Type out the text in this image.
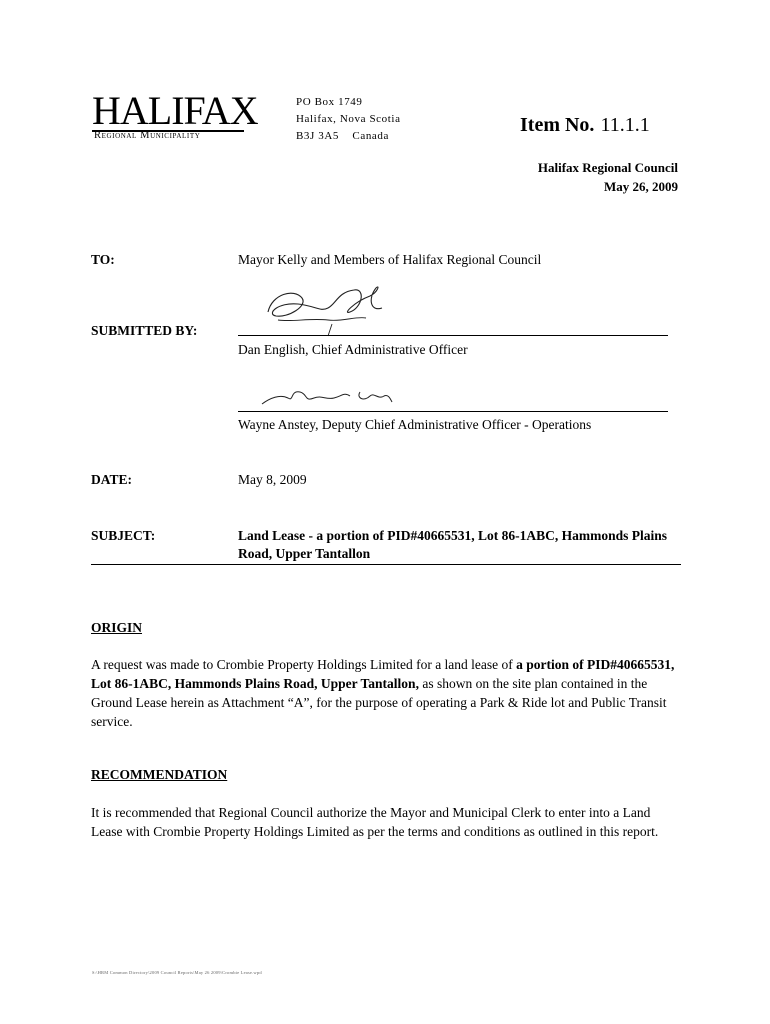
HALIFAX
Regional Municipality
PO Box 1749
Halifax, Nova Scotia
B3J 3A5    Canada	Item No. 11.1.1
Halifax Regional Council
May 26, 2009
TO:	Mayor Kelly and Members of Halifax Regional Council
SUBMITTED BY:
Dan English, Chief Administrative Officer
Wayne Anstey, Deputy Chief Administrative Officer - Operations
DATE:	May 8, 2009
SUBJECT:	Land Lease - a portion of PID#40665531, Lot 86-1ABC, Hammonds Plains Road, Upper Tantallon
ORIGIN
A request was made to Crombie Property Holdings Limited for a land lease of a portion of PID#40665531, Lot 86-1ABC, Hammonds Plains Road, Upper Tantallon, as shown on the site plan contained in the Ground Lease herein as Attachment “A”, for the purpose of operating a Park & Ride lot and Public Transit service.
RECOMMENDATION
It is recommended that Regional Council authorize the Mayor and Municipal Clerk to enter into a Land Lease with Crombie Property Holdings Limited as per the terms and conditions as outlined in this report.
S:\HRM Common Directory\2009 Council Reports\May 26 2009\Crombie Lease.wpd
